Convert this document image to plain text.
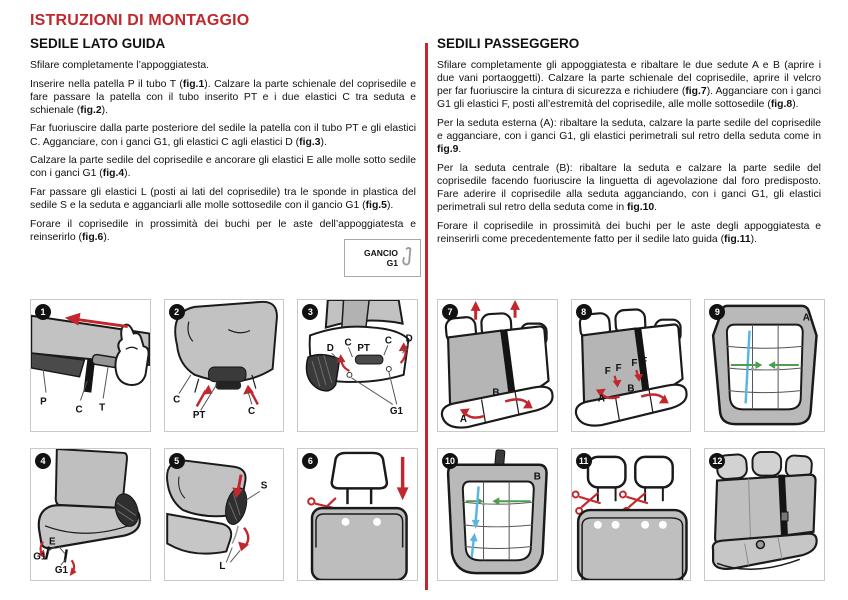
ISTRUZIONI DI MONTAGGIO
SEDILE LATO GUIDA

Sfilare completamente l’appoggiatesta.

Inserire nella patella P il tubo T (fig.1). Calzare la parte schienale del coprisedile e fare passare la patella con il tubo inserito PT e i due elastici C tra seduta e schienale (fig.2).

Far fuoriuscire dalla parte posteriore del sedile la patella con il tubo PT e gli elastici C. Agganciare, con i ganci G1, gli elastici C agli elastici D (fig.3).

Calzare la parte sedile del coprisedile e ancorare gli elastici E alle molle sotto sedile con i ganci G1 (fig.4).

Far passare gli elastici L (posti ai lati del coprisedile) tra le sponde in plastica del sedile S e la seduta e agganciarli alle molle sottosedile con il gancio G1 (fig.5).

Forare il coprisedile in prossimità dei buchi per le aste dell’appoggiatesta e reinserirlo (fig.6).

GANCIO
G1
SEDILI PASSEGGERO

Sfilare completamente gli appoggiatesta e ribaltare le due sedute A e B (aprire i due vani portaoggetti). Calzare la parte schienale del coprisedile, aprire il velcro per far fuoriuscire la cintura di sicurezza e richiudere (fig.7). Agganciare con i ganci G1 gli elastici F, posti all’estremità del coprisedile, alle molle sottosedile (fig.8).

Per la seduta esterna (A): ribaltare la seduta, calzare la parte sedile del coprisedile e agganciare, con i ganci G1, gli elastici perimetrali sul retro della seduta come in fig.9.

Per la seduta centrale (B): ribaltare la seduta e calzare la parte sedile del coprisedile facendo fuoriuscire la linguetta di agevolazione dal foro predisposto. Fare aderire il coprisedile alla seduta agganciando, con i ganci G1, gli elastici perimetrali sul retro della seduta come in fig.10.

Forare il coprisedile in prossimità dei buchi per le aste degli appoggiatesta e reinserirli come precedentemente fatto per il sedile lato guida (fig.11).

1
P
C T
2
C
PT	C
3
D
C
PT
C D
G1
4
G1
E
G1
5
S
L
6
7
A
B
8
F F F F
B
A
9
A
10
B
11	12
